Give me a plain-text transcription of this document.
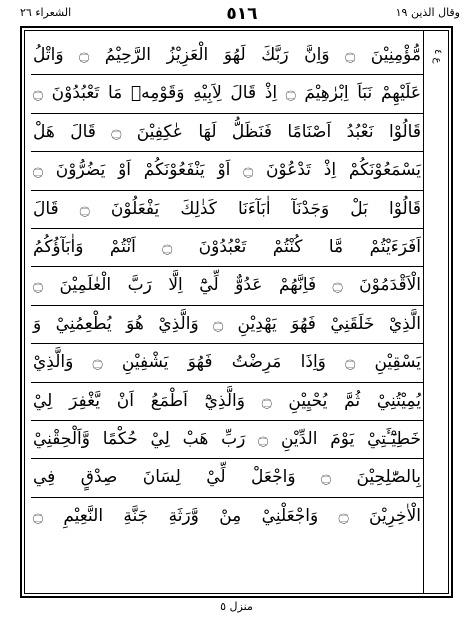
الشعراء ٢٦	٥١٦	وقال الذين ١٩
ع ٤
مُّؤْمِنِيْنَ ۝ وَاِنَّ رَبَّكَ لَهُوَ الْعَزِيْزُ الرَّحِيْمُ ۝ وَاتْلُ
عَلَيْهِمْ نَبَاَ اِبْرٰهِيْمَ ۝ اِذْ قَالَ لِاَبِيْهِ وَقَوْمِهٖ مَا تَعْبُدُوْنَ ۝
قَالُوْا نَعْبُدُ اَصْنَامًا فَنَظَلُّ لَهَا عٰكِفِيْنَ ۝ قَالَ هَلْ
يَسْمَعُوْنَكُمْ اِذْ تَدْعُوْنَ ۝ اَوْ يَنْفَعُوْنَكُمْ اَوْ يَضُرُّوْنَ ۝
قَالُوْا بَلْ وَجَدْنَآ اٰبَآءَنَا كَذٰلِكَ يَفْعَلُوْنَ ۝ قَالَ
اَفَرَءَيْتُمْ مَّا كُنْتُمْ تَعْبُدُوْنَ ۝ اَنْتُمْ وَاٰبَآؤُكُمُ
الْاَقْدَمُوْنَ ۝ فَاِنَّهُمْ عَدُوٌّ لِّيْٓ اِلَّا رَبَّ الْعٰلَمِيْنَ ۝
الَّذِيْ خَلَقَنِيْ فَهُوَ يَهْدِيْنِ ۝ وَالَّذِيْ هُوَ يُطْعِمُنِيْ وَ
يَسْقِيْنِ ۝ وَاِذَا مَرِضْتُ فَهُوَ يَشْفِيْنِ ۝ وَالَّذِيْ
يُمِيْتُنِيْ ثُمَّ يُحْيِيْنِ ۝ وَالَّذِيْٓ اَطْمَعُ اَنْ يَّغْفِرَ لِيْ
خَطِيْٓـَٔتِيْ يَوْمَ الدِّيْنِ ۝ رَبِّ هَبْ لِيْ حُكْمًا وَّاَلْحِقْنِيْ
بِالصّٰلِحِيْنَ ۝ وَاجْعَلْ لِّيْ لِسَانَ صِدْقٍ فِي
الْاٰخِرِيْنَ ۝ وَاجْعَلْنِيْ مِنْ وَّرَثَةِ جَنَّةِ النَّعِيْمِ ۝
منزل ٥
